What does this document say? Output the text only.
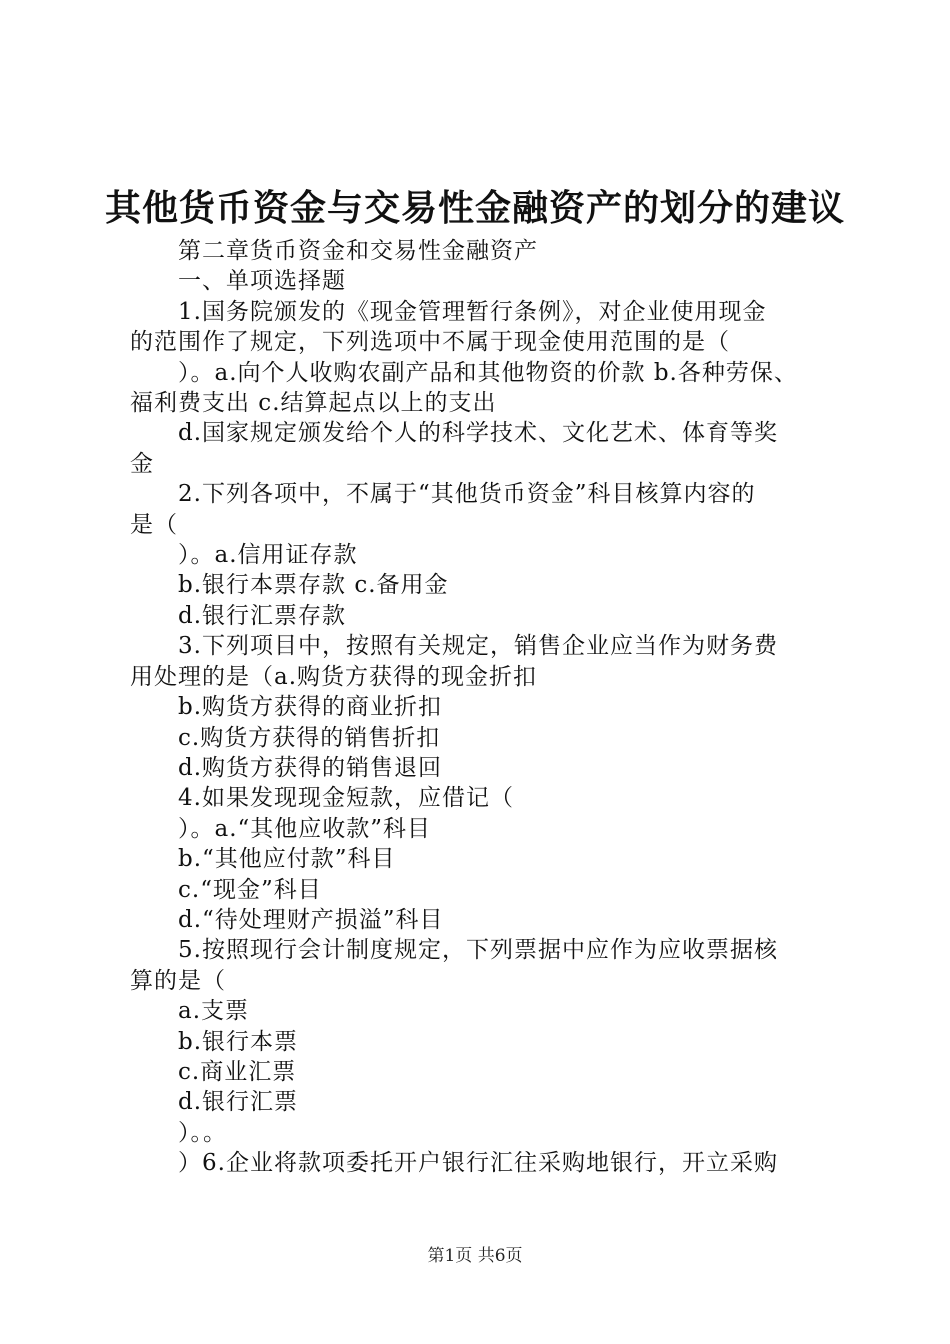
其他货币资金与交易性金融资产的划分的建议
第二章货币资金和交易性金融资产
一、单项选择题
1.国务院颁发的《现金管理暂行条例》，对企业使用现金
的范围作了规定，下列选项中不属于现金使用范围的是（
）。a.向个人收购农副产品和其他物资的价款 b.各种劳保、
福利费支出 c.结算起点以上的支出
d.国家规定颁发给个人的科学技术、文化艺术、体育等奖
金
2.下列各项中，不属于“其他货币资金”科目核算内容的
是（
）。a.信用证存款
b.银行本票存款 c.备用金
d.银行汇票存款
3.下列项目中，按照有关规定，销售企业应当作为财务费
用处理的是（a.购货方获得的现金折扣
b.购货方获得的商业折扣
c.购货方获得的销售折扣
d.购货方获得的销售退回
4.如果发现现金短款，应借记（
）。a.“其他应收款”科目
b.“其他应付款”科目
c.“现金”科目
d.“待处理财产损溢”科目
5.按照现行会计制度规定，下列票据中应作为应收票据核
算的是（
a.支票
b.银行本票
c.商业汇票
d.银行汇票
）。。
）6.企业将款项委托开户银行汇往采购地银行，开立采购
第1页 共6页
